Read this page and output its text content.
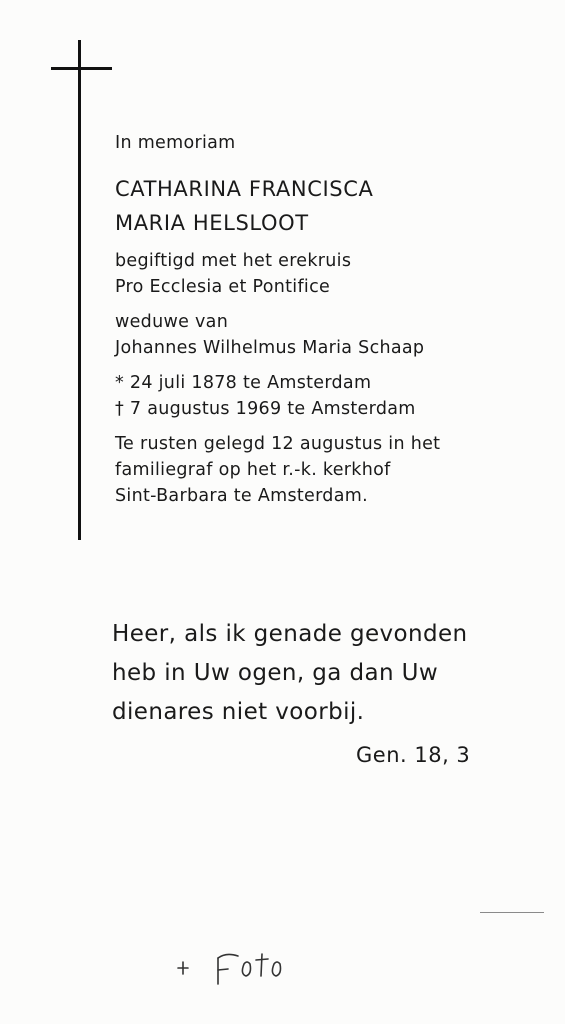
In memoriam
CATHARINA FRANCISCA
MARIA HELSLOOT
begiftigd met het erekruis
Pro Ecclesia et Pontifice
weduwe van
Johannes Wilhelmus Maria Schaap
* 24 juli 1878 te Amsterdam
† 7 augustus 1969 te Amsterdam
Te rusten gelegd 12 augustus in het
familiegraf op het r.-k. kerkhof
Sint-Barbara te Amsterdam.
Heer, als ik genade gevonden
heb in Uw ogen, ga dan Uw
dienares niet voorbij.
Gen. 18, 3
